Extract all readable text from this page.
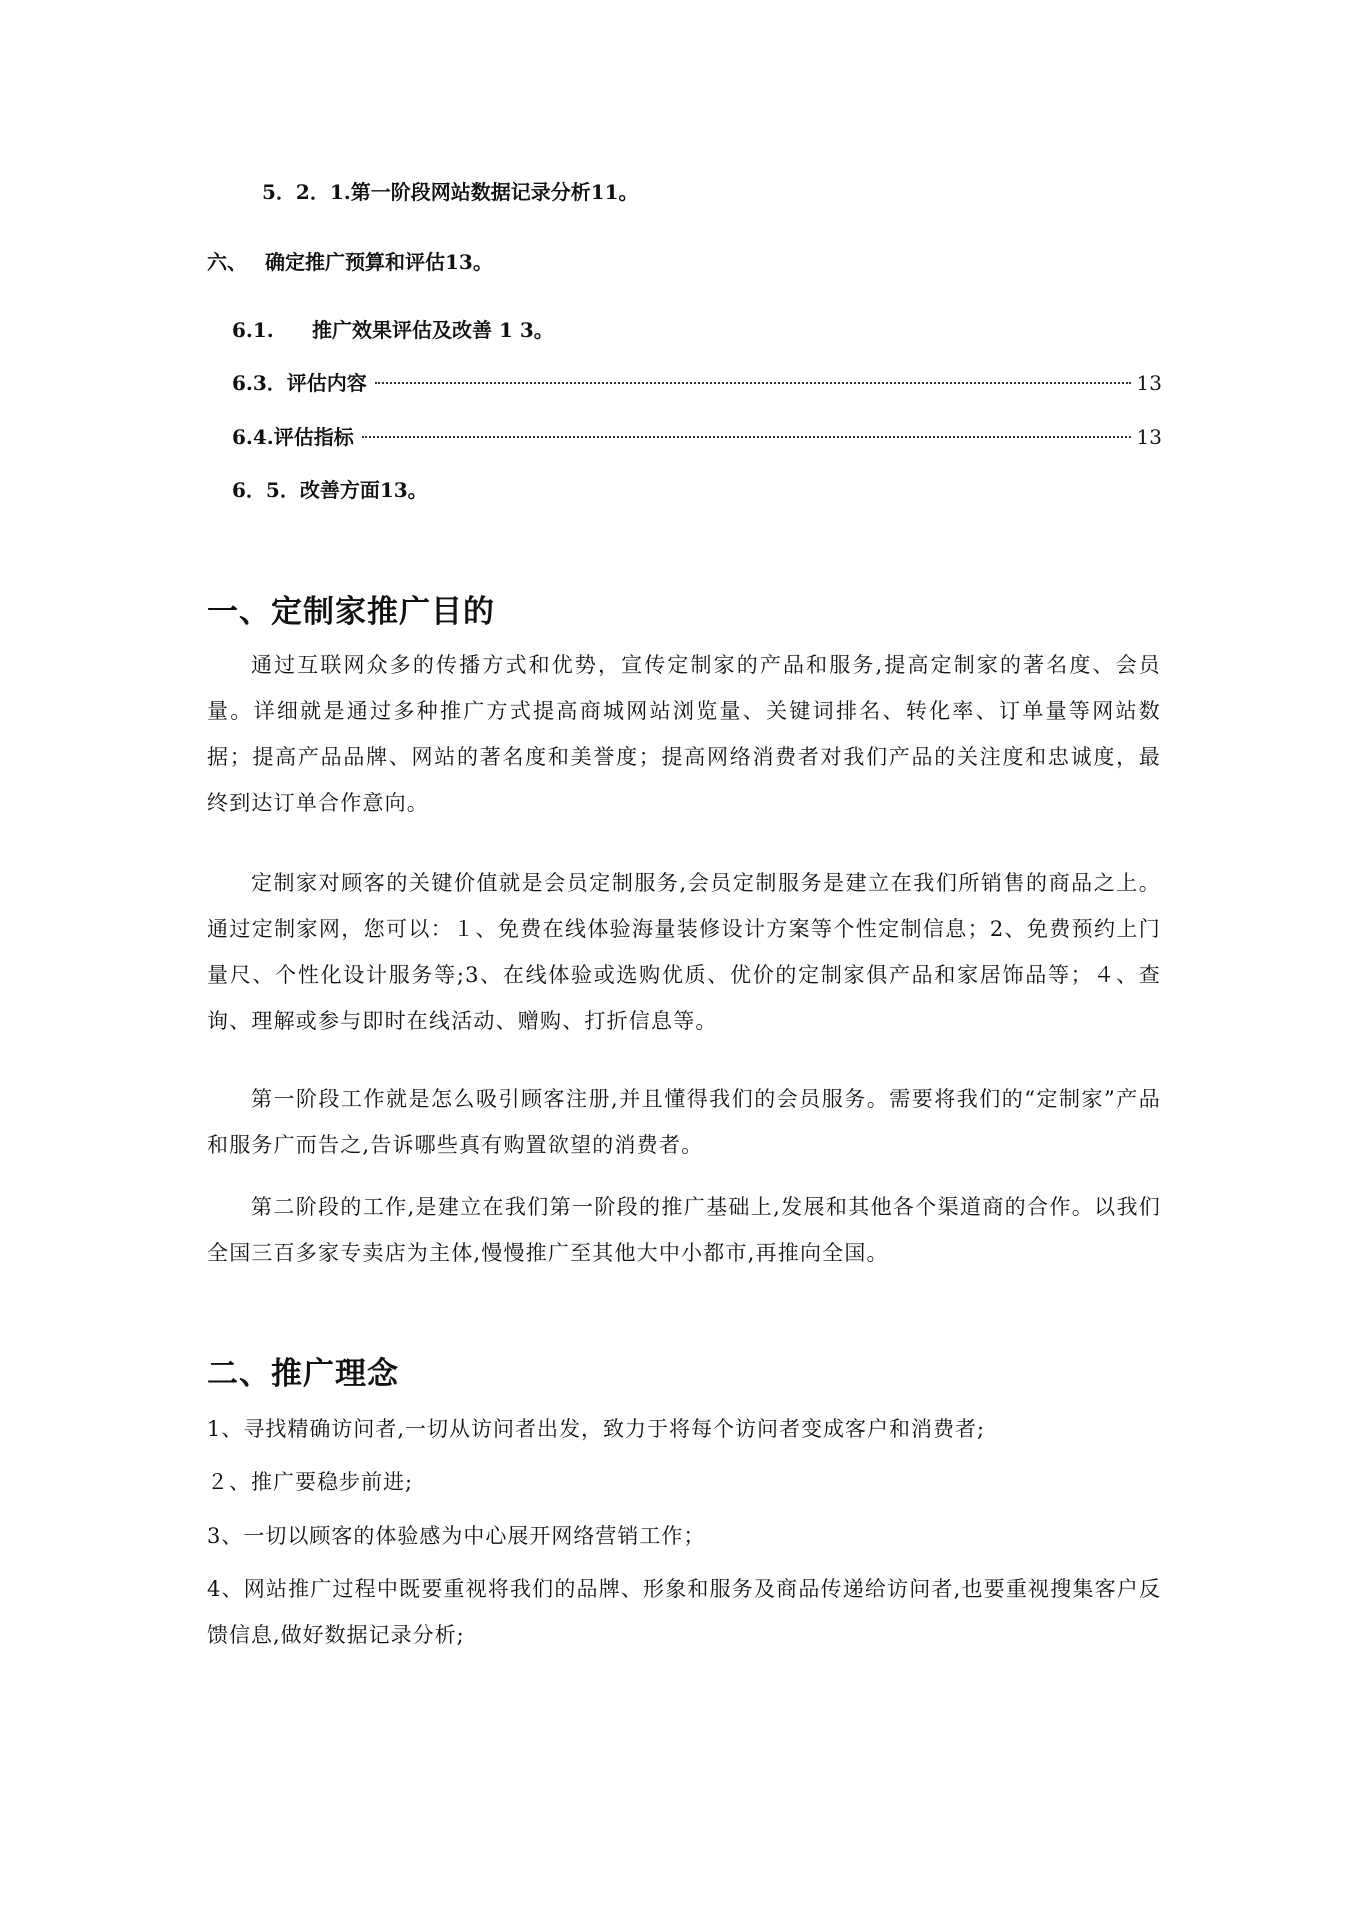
5．2．1.第一阶段网站数据记录分析11。
六、 确定推广预算和评估13。
6.1. 推广效果评估及改善 1 3。
6.3． 评估内容	13
6.4. 评估指标	13
6．5．改善方面13。
一、定制家推广目的
通过互联网众多的传播方式和优势，宣传定制家的产品和服务,提高定制家的著名度、会员量。详细就是通过多种推广方式提高商城网站浏览量、关键词排名、转化率、订单量等网站数据；提高产品品牌、网站的著名度和美誉度；提高网络消费者对我们产品的关注度和忠诚度，最终到达订单合作意向。
定制家对顾客的关键价值就是会员定制服务,会员定制服务是建立在我们所销售的商品之上。通过定制家网，您可以：１、免费在线体验海量装修设计方案等个性定制信息；2、免费预约上门量尺、个性化设计服务等;3、在线体验或选购优质、优价的定制家俱产品和家居饰品等；４、查询、理解或参与即时在线活动、赠购、打折信息等。
第一阶段工作就是怎么吸引顾客注册,并且懂得我们的会员服务。需要将我们的“定制家”产品和服务广而告之,告诉哪些真有购置欲望的消费者。
第二阶段的工作,是建立在我们第一阶段的推广基础上,发展和其他各个渠道商的合作。以我们全国三百多家专卖店为主体,慢慢推广至其他大中小都市,再推向全国。
二、推广理念
1、寻找精确访问者,一切从访问者出发，致力于将每个访问者变成客户和消费者;
２、推广要稳步前进;
3、一切以顾客的体验感为中心展开网络营销工作；
4、网站推广过程中既要重视将我们的品牌、形象和服务及商品传递给访问者,也要重视搜集客户反馈信息,做好数据记录分析;
